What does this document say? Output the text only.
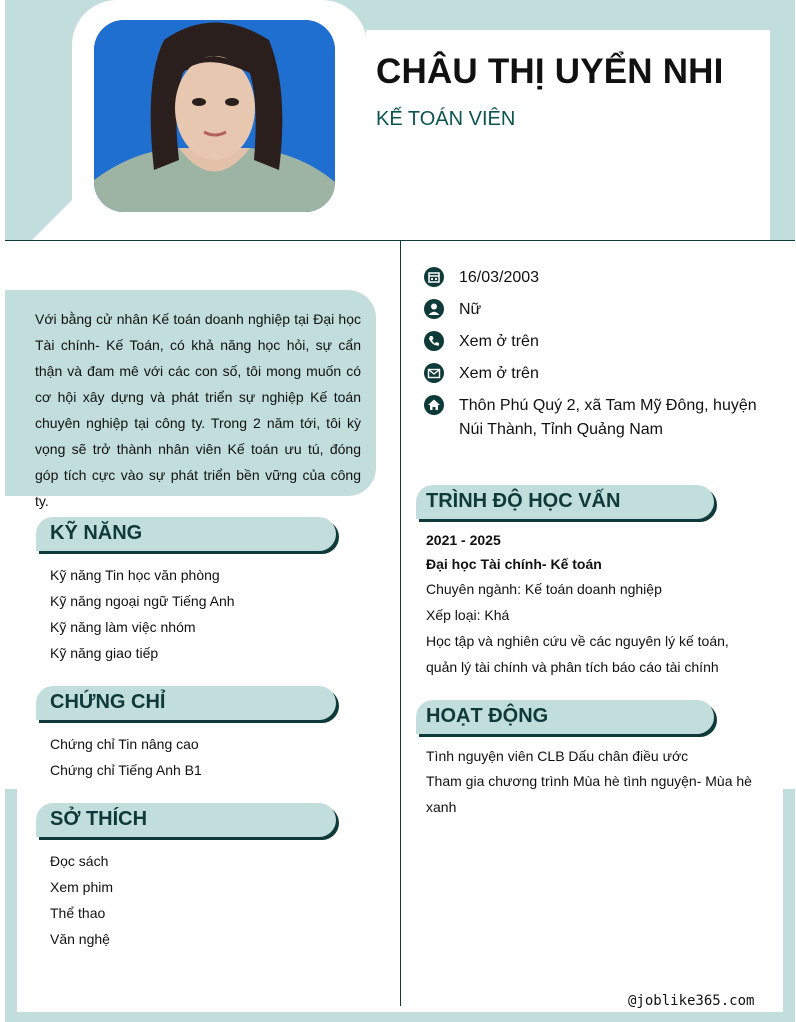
CHÂU THỊ UYỂN NHI
KẾ TOÁN VIÊN
Với bằng cử nhân Kế toán doanh nghiệp tại Đại học Tài chính- Kế Toán, có khả năng học hỏi, sự cẩn thận và đam mê với các con số, tôi mong muốn có cơ hội xây dựng và phát triển sự nghiệp Kế toán chuyên nghiệp tại công ty. Trong 2 năm tới, tôi kỳ vọng sẽ trở thành nhân viên Kế toán ưu tú, đóng góp tích cực vào sự phát triển bền vững của công ty.
KỸ NĂNG
Kỹ năng Tin học văn phòng
Kỹ năng ngoại ngữ Tiếng Anh
Kỹ năng làm việc nhóm
Kỹ năng giao tiếp
CHỨNG CHỈ
Chứng chỉ Tin nâng cao
Chứng chỉ Tiếng Anh B1
SỞ THÍCH
Đọc sách
Xem phim
Thể thao
Văn nghệ
16/03/2003
Nữ
Xem ở trên
Xem ở trên
Thôn Phú Quý 2, xã Tam Mỹ Đông, huyện
Núi Thành, Tỉnh Quảng Nam
TRÌNH ĐỘ HỌC VẤN
2021 - 2025
Đại học Tài chính- Kế toán
Chuyên ngành: Kế toán doanh nghiệp
Xếp loại: Khá
Học tập và nghiên cứu về các nguyên lý kế toán,
quản lý tài chính và phân tích báo cáo tài chính
HOẠT ĐỘNG
Tình nguyện viên CLB Dấu chân điều ước
Tham gia chương trình Mùa hè tình nguyện- Mùa hè
xanh
@joblike365.com
